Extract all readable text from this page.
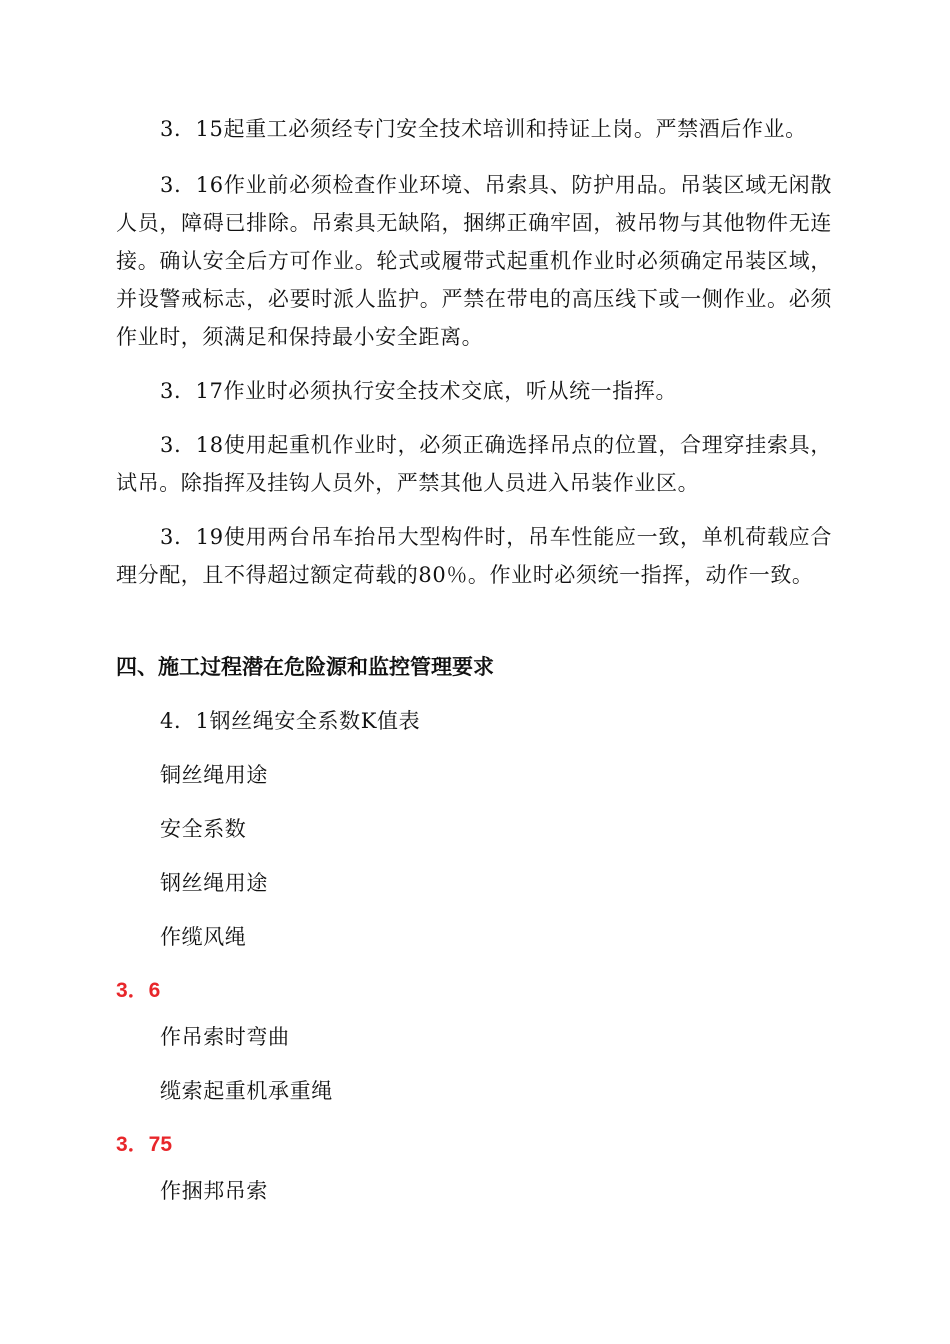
3．15起重工必须经专门安全技术培训和持证上岗。严禁酒后作业。

3．16作业前必须检查作业环境、吊索具、防护用品。吊装区域无闲散人员，障碍已排除。吊索具无缺陷，捆绑正确牢固，被吊物与其他物件无连接。确认安全后方可作业。轮式或履带式起重机作业时必须确定吊装区域，并设警戒标志，必要时派人监护。严禁在带电的高压线下或一侧作业。必须作业时，须满足和保持最小安全距离。

3．17作业时必须执行安全技术交底，听从统一指挥。

3．18使用起重机作业时，必须正确选择吊点的位置，合理穿挂索具，试吊。除指挥及挂钩人员外，严禁其他人员进入吊装作业区。

3．19使用两台吊车抬吊大型构件时，吊车性能应一致，单机荷载应合理分配，且不得超过额定荷载的80％。作业时必须统一指挥，动作一致。

四、施工过程潜在危险源和监控管理要求

4．1钢丝绳安全系数K值表

铜丝绳用途

安全系数

钢丝绳用途

作缆风绳

3．6

作吊索时弯曲

缆索起重机承重绳

3．75

作捆邦吊索
